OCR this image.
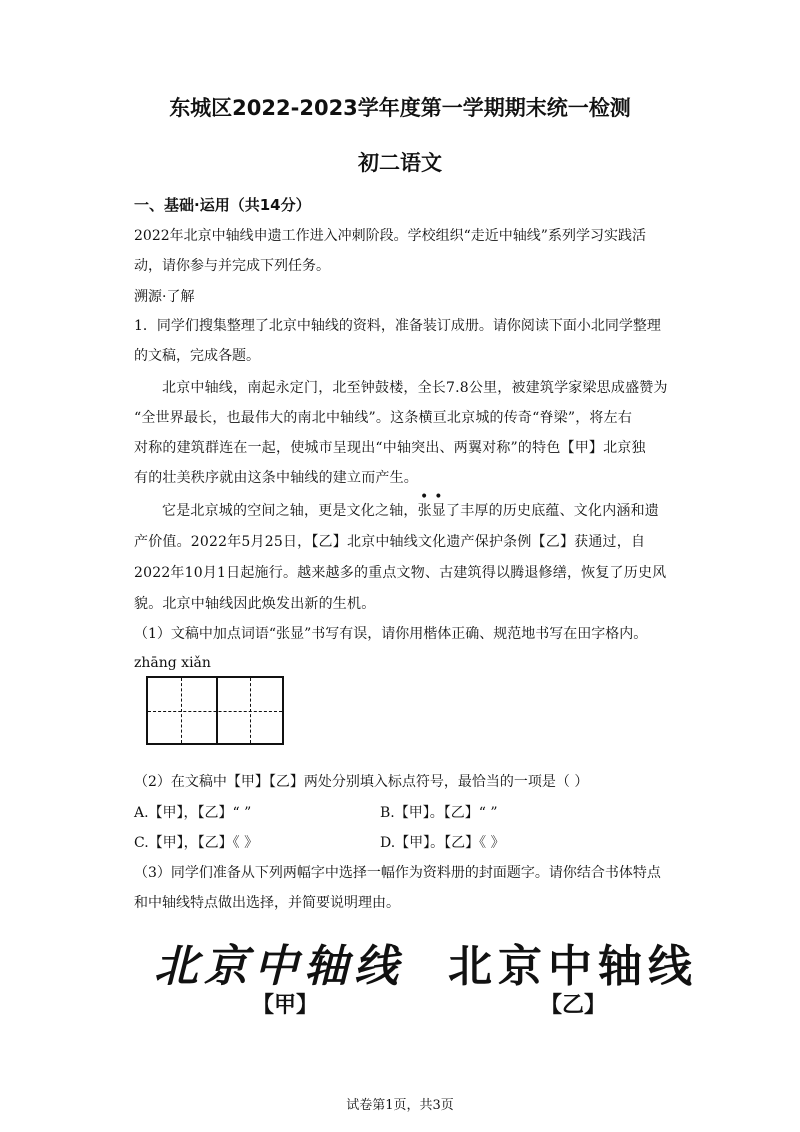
东城区2022-2023学年度第一学期期末统一检测
初二语文
一、基础·运用（共14分）
2022年北京中轴线申遗工作进入冲刺阶段。学校组织“走近中轴线”系列学习实践活
动，请你参与并完成下列任务。
溯源·了解
1．同学们搜集整理了北京中轴线的资料，准备装订成册。请你阅读下面小北同学整理
的文稿，完成各题。
北京中轴线，南起永定门，北至钟鼓楼，全长7.8公里，被建筑学家梁思成盛赞为
“全世界最长，也最伟大的南北中轴线”。这条横亘北京城的传奇“脊梁”，将左右
对称的建筑群连在一起，使城市呈现出“中轴突出、两翼对称”的特色【甲】北京独
有的壮美秩序就由这条中轴线的建立而产生。
••
它是北京城的空间之轴，更是文化之轴，张显了丰厚的历史底蕴、文化内涵和遗
产价值。2022年5月25日，【乙】北京中轴线文化遗产保护条例【乙】获通过，自
2022年10月1日起施行。越来越多的重点文物、古建筑得以腾退修缮，恢复了历史风
貌。北京中轴线因此焕发出新的生机。
（1）文稿中加点词语“张显”书写有误，请你用楷体正确、规范地书写在田字格内。
zhāng xiǎn
（2）在文稿中【甲】【乙】两处分别填入标点符号，最恰当的一项是（ ）
A.【甲】，【乙】“ ”	B.【甲】。【乙】“ ”
C.【甲】，【乙】《 》	D.【甲】。【乙】《 》
（3）同学们准备从下列两幅字中选择一幅作为资料册的封面题字。请你结合书体特点
和中轴线特点做出选择，并简要说明理由。
北京中轴线 北京中轴线
【甲】	【乙】
试卷第1页，共3页
